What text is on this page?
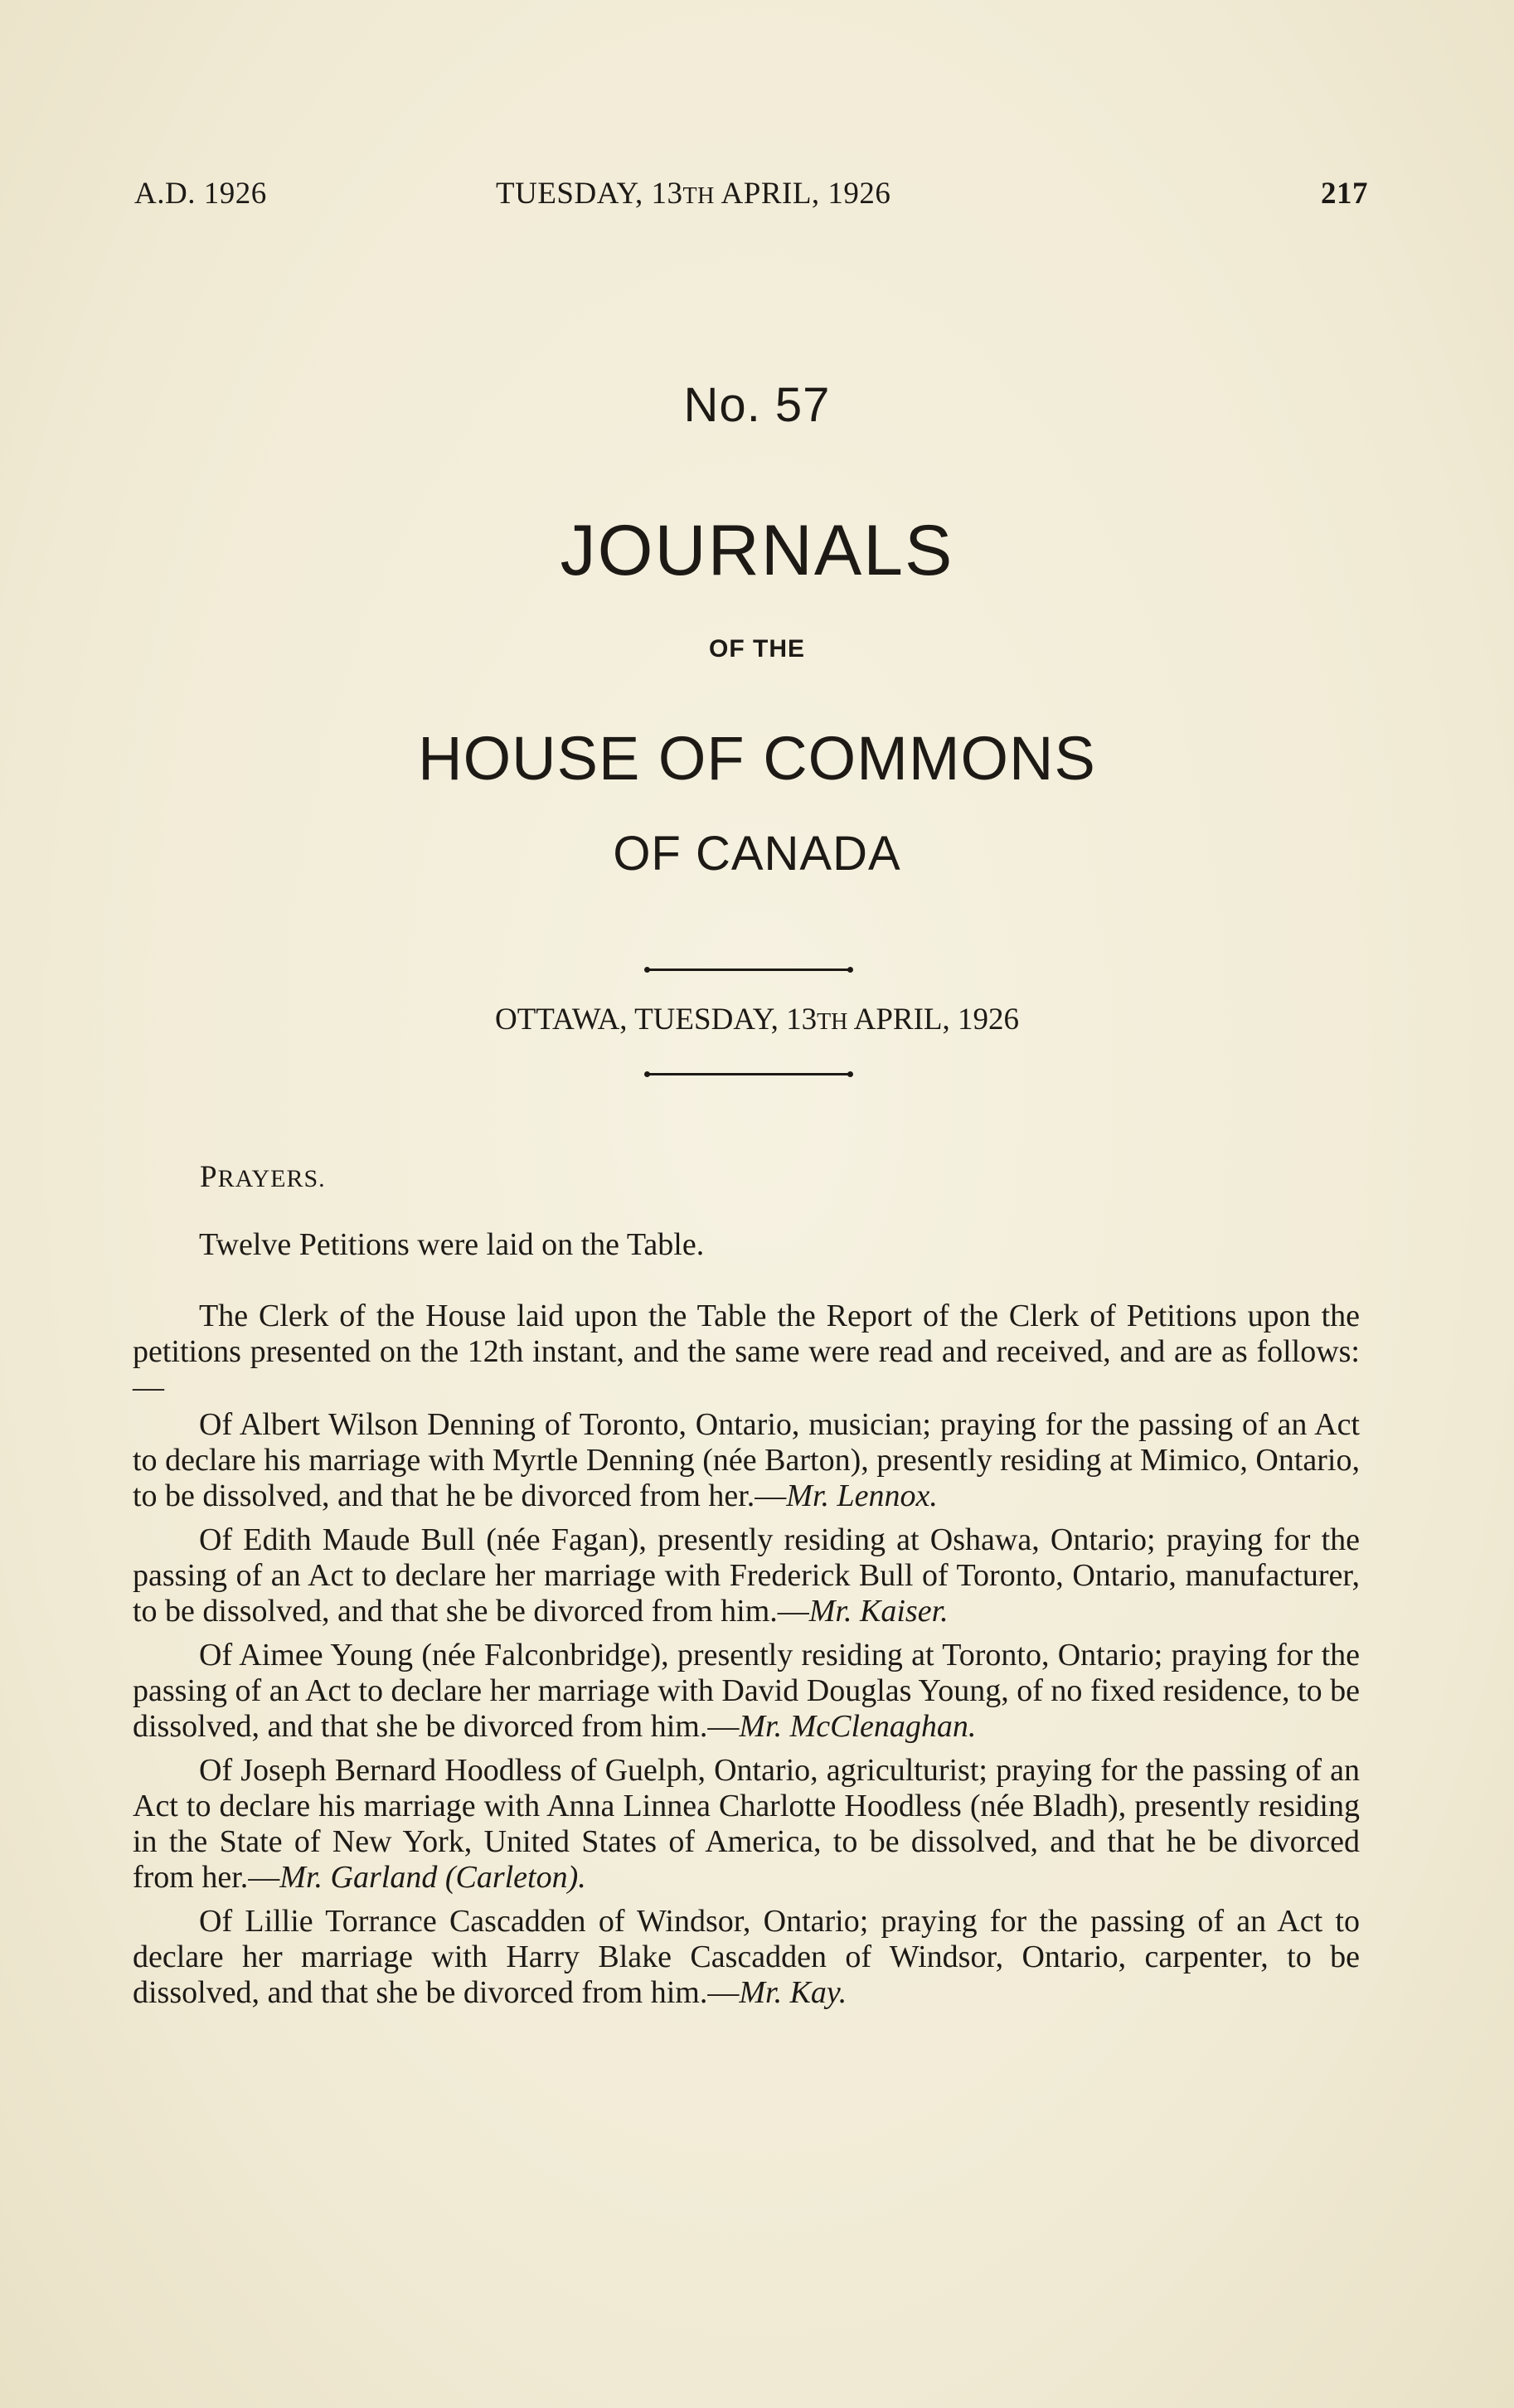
A.D. 1926	TUESDAY, 13TH APRIL, 1926	217
No. 57
JOURNALS
OF THE
HOUSE OF COMMONS
OF CANADA
OTTAWA, TUESDAY, 13TH APRIL, 1926
PRAYERS.

Twelve Petitions were laid on the Table.

The Clerk of the House laid upon the Table the Report of the Clerk of Petitions upon the petitions presented on the 12th instant, and the same were read and received, and are as follows:—

Of Albert Wilson Denning of Toronto, Ontario, musician; praying for the passing of an Act to declare his marriage with Myrtle Denning (née Barton), presently residing at Mimico, Ontario, to be dissolved, and that he be divorced from her.—Mr. Lennox.

Of Edith Maude Bull (née Fagan), presently residing at Oshawa, Ontario; praying for the passing of an Act to declare her marriage with Frederick Bull of Toronto, Ontario, manufacturer, to be dissolved, and that she be divorced from him.—Mr. Kaiser.

Of Aimee Young (née Falconbridge), presently residing at Toronto, Ontario; praying for the passing of an Act to declare her marriage with David Douglas Young, of no fixed residence, to be dissolved, and that she be divorced from him.—Mr. McClenaghan.

Of Joseph Bernard Hoodless of Guelph, Ontario, agriculturist; praying for the passing of an Act to declare his marriage with Anna Linnea Charlotte Hoodless (née Bladh), presently residing in the State of New York, United States of America, to be dissolved, and that he be divorced from her.—Mr. Garland (Carleton).

Of Lillie Torrance Cascadden of Windsor, Ontario; praying for the passing of an Act to declare her marriage with Harry Blake Cascadden of Windsor, Ontario, carpenter, to be dissolved, and that she be divorced from him.—Mr. Kay.
